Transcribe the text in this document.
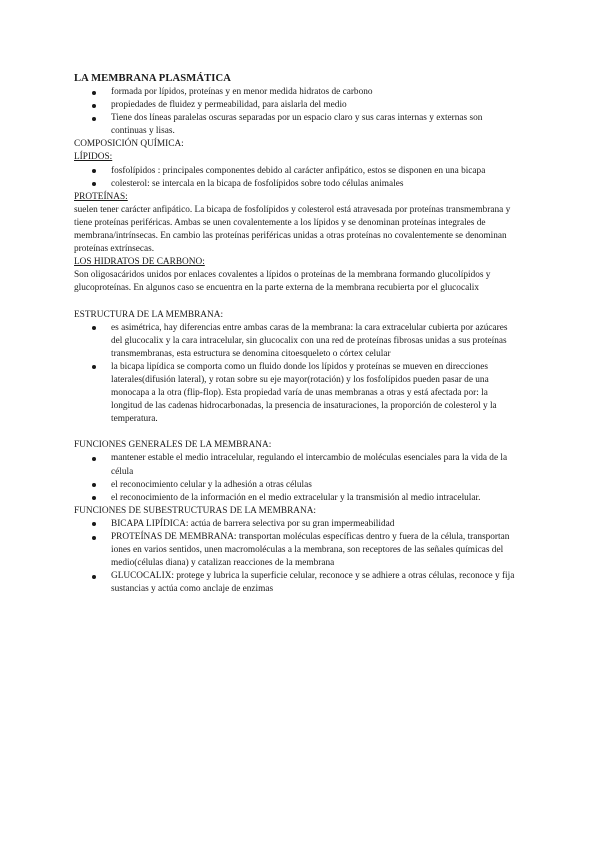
LA MEMBRANA PLASMÁTICA

formada por lípidos, proteínas y en menor medida hidratos de carbono
propiedades de fluidez y permeabilidad, para aislarla del medio
Tiene dos líneas paralelas oscuras separadas por un espacio claro y sus caras internas y externas son continuas y lisas.

COMPOSICIÓN QUÍMICA:

LÍPIDOS:

fosfolípidos : principales componentes debido al carácter anfipático, estos se disponen en una bicapa
colesterol: se intercala en la bicapa de fosfolípidos sobre todo células animales

PROTEÍNAS:

suelen tener carácter anfipático. La bicapa de fosfolípidos y colesterol está atravesada por proteínas transmembrana y tiene proteínas periféricas. Ambas se unen covalentemente a los lípidos y se denominan proteínas integrales de membrana/intrínsecas. En cambio las proteínas periféricas unidas a otras proteínas no covalentemente se denominan proteínas extrínsecas.

LOS HIDRATOS DE CARBONO:

Son oligosacáridos unidos por enlaces covalentes a lípidos o proteínas de la membrana formando glucolípidos y glucoproteínas. En algunos caso se encuentra en la parte externa de la membrana recubierta por el glucocalix

ESTRUCTURA DE LA MEMBRANA:

es asimétrica, hay diferencias entre ambas caras de la membrana: la cara extracelular cubierta por azúcares del glucocalix y la cara intracelular, sin glucocalix con una red de proteínas fibrosas unidas a sus proteínas transmembranas, esta estructura se denomina citoesqueleto o córtex celular
la bicapa lipídica se comporta como un fluido donde los lípidos y proteínas se mueven en direcciones laterales(difusión lateral), y rotan sobre su eje mayor(rotación) y los fosfolípidos pueden pasar de una monocapa a la otra (flip-flop). Esta propiedad varía de unas membranas a otras y está afectada por: la longitud de las cadenas hidrocarbonadas, la presencia de insaturaciones, la proporción de colesterol y la temperatura.

FUNCIONES GENERALES DE LA MEMBRANA:

mantener estable el medio intracelular, regulando el intercambio de moléculas esenciales para la vida de la célula
el reconocimiento celular y la adhesión a otras células
el reconocimiento de la información en el medio extracelular y la transmisión al medio intracelular.

FUNCIONES DE SUBESTRUCTURAS DE LA MEMBRANA:

BICAPA LIPÍDICA: actúa de barrera selectiva por su gran impermeabilidad
PROTEÍNAS DE MEMBRANA: transportan moléculas específicas dentro y fuera de la célula, transportan iones en varios sentidos, unen macromoléculas a la membrana, son receptores de las señales químicas del medio(células diana) y catalizan reacciones de la membrana
GLUCOCALIX: protege y lubrica la superficie celular, reconoce y se adhiere a otras células, reconoce y fija sustancias y actúa como anclaje de enzimas
